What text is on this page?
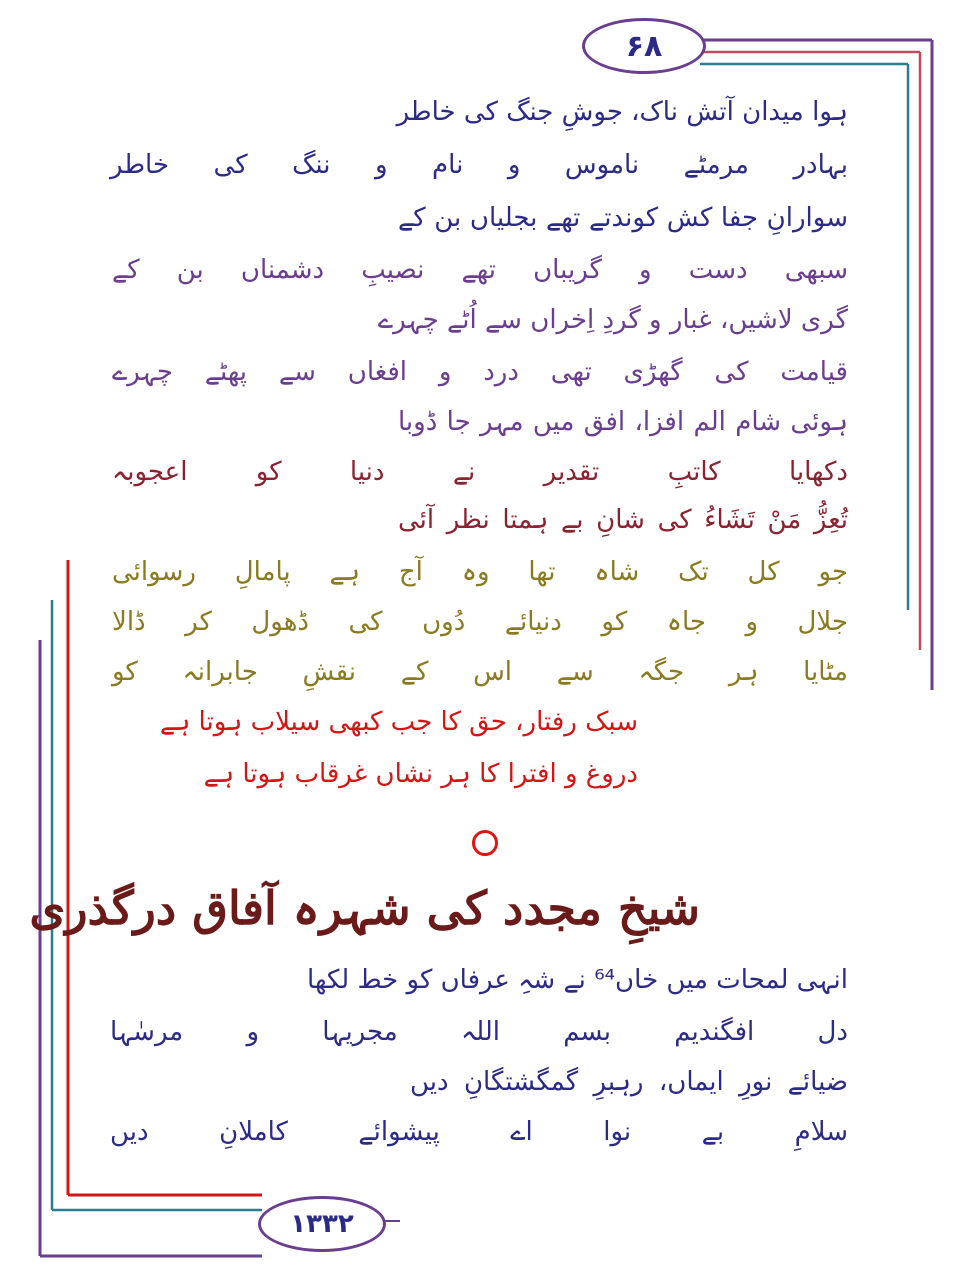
۶۸
ہوا میدان آتش ناک، جوشِ جنگ کی خاطر
بہادر مرمٹے ناموس و نام و ننگ کی خاطر
سوارانِ جفا کش کوندتے تھے بجلیاں بن کے
سبھی دست و گریباں تھے نصیبِ دشمناں بن کے
گری لاشیں، غبار و گردِ اِخراں سے اُٹے چہرے
قیامت کی گھڑی تھی درد و افغاں سے پھٹے چہرے
ہوئی شام الم افزا، افق میں مہر جا ڈوبا
دکھایا کاتبِ تقدیر نے دنیا کو اعجوبہ
تُعِزُّ مَنْ تَشَاءُ کی شانِ بے ہمتا نظر آئی
جو کل تک شاہ تھا وہ آج ہے پامالِ رسوائی
جلال و جاہ کو دنیائے دُوں کی ڈھول کر ڈالا
مٹایا ہر جگہ سے اس کے نقشِ جابرانہ کو
سبک رفتار، حق کا جب کبھی سیلاب ہوتا ہے
دروغ و افترا کا ہر نشاں غرقاب ہوتا ہے
شیخِ مجدد کی شہرہ آفاق درگذری
انہی لمحات میں خاں⁶⁴ نے شہِ عرفاں کو خط لکھا
دل افگندیم بسم اللہ مجریہا و مرسٰہا
ضیائے نورِ ایماں، رہبرِ گمگشتگانِ دیں
سلامِ بے نوا اے پیشوائے کاملانِ دیں
۱۳۳۲
